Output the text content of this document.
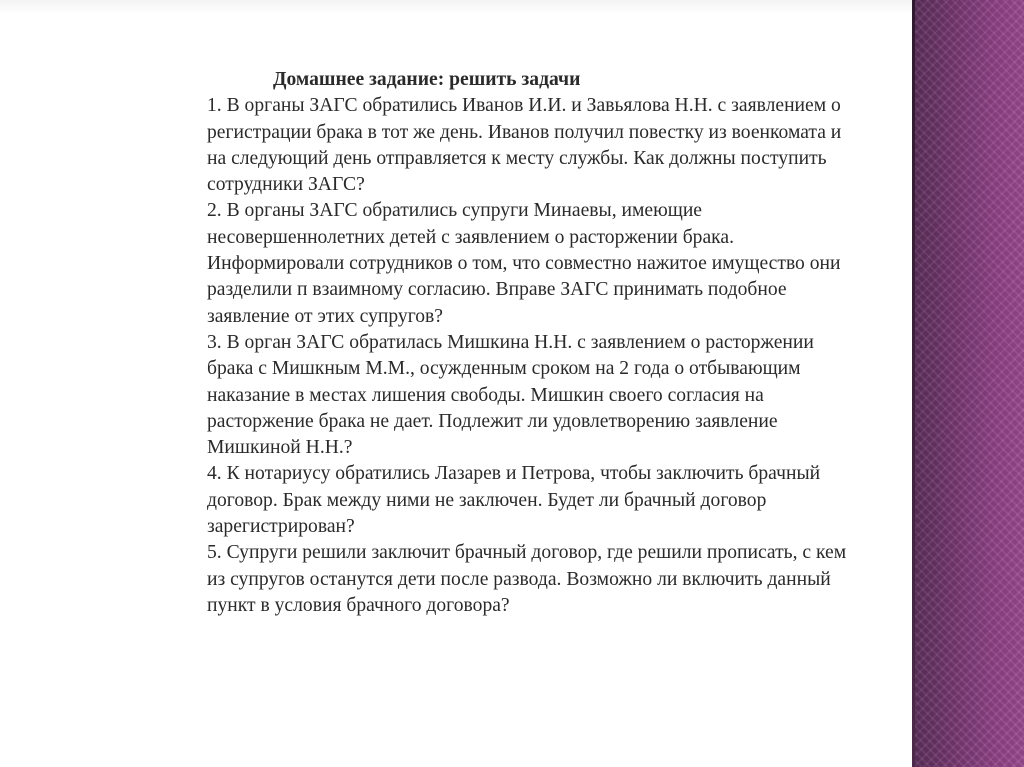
Домашнее задание: решить задачи

1. В органы ЗАГС обратились Иванов И.И. и Завьялова Н.Н. с заявлением о регистрации брака в тот же день. Иванов получил повестку из военкомата и на следующий день отправляется к месту службы. Как должны поступить сотрудники ЗАГС?

2. В органы ЗАГС обратились супруги Минаевы, имеющие несовершеннолетних детей с заявлением о расторжении брака. Информировали сотрудников о том, что совместно нажитое имущество они разделили п взаимному согласию. Вправе ЗАГС принимать подобное заявление от этих супругов?

3. В орган ЗАГС обратилась Мишкина Н.Н. с заявлением о расторжении брака с Мишкным М.М., осужденным сроком на 2 года о отбывающим наказание в местах лишения свободы. Мишкин своего согласия на расторжение брака не дает. Подлежит ли удовлетворению заявление Мишкиной Н.Н.?

4. К нотариусу обратились Лазарев и Петрова, чтобы заключить брачный договор. Брак между ними не заключен. Будет ли брачный договор зарегистрирован?

5. Супруги решили заключит брачный договор, где решили прописать, с кем из супругов останутся дети после развода. Возможно ли включить данный пункт в условия брачного договора?
